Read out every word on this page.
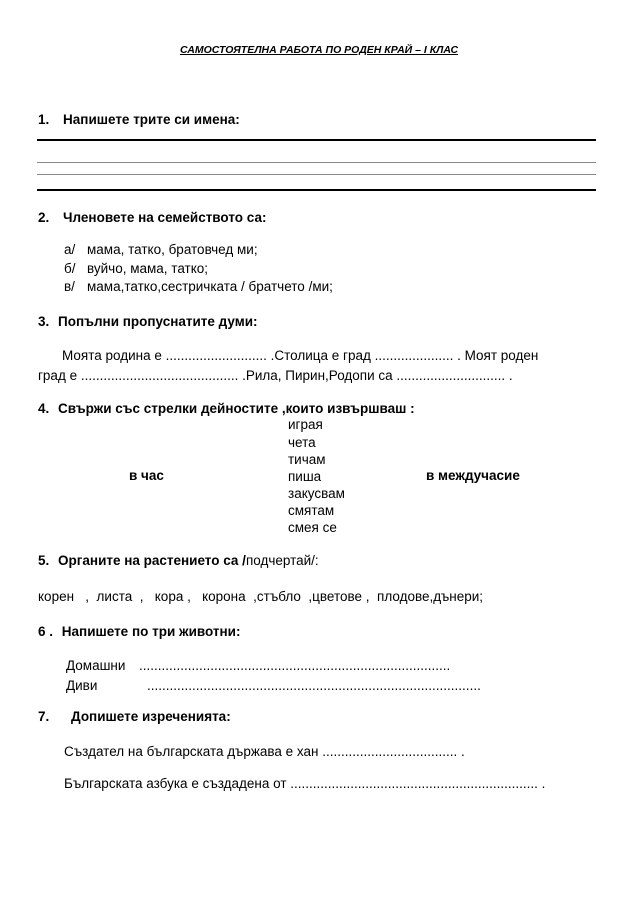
САМОСТОЯТЕЛНА РАБОТА ПО РОДЕН КРАЙ – I КЛАС
1. Напишете трите си имена:
2. Членовете на семейството са:
а/ мама, татко, братовчед ми;
б/ вуйчо, мама, татко;
в/ мама,татко,сестричката / братчето /ми;
3. Попълни пропуснатите думи:
Моята родина е ........................... .Столица е град ..................... . Моят роден
град е .......................................... .Рила, Пирин,Родопи са ............................. .
4. Свържи със стрелки дейностите ,които извършваш :
играя
чета
тичам
пиша
закусвам
смятам
смея се
в час	в междучасие
5. Органите на растението са /подчертай/:
корен   ,  листа  ,   кора ,   корона  ,стъбло  ,цветове ,  плодове,дънери;
6 . Напишете по три животни:
Домашни ...................................................................................
Диви	.........................................................................................
7. Допишете изреченията:
Създател на българската държава е хан .................................... .
Българската азбука е създадена от .................................................................. .
